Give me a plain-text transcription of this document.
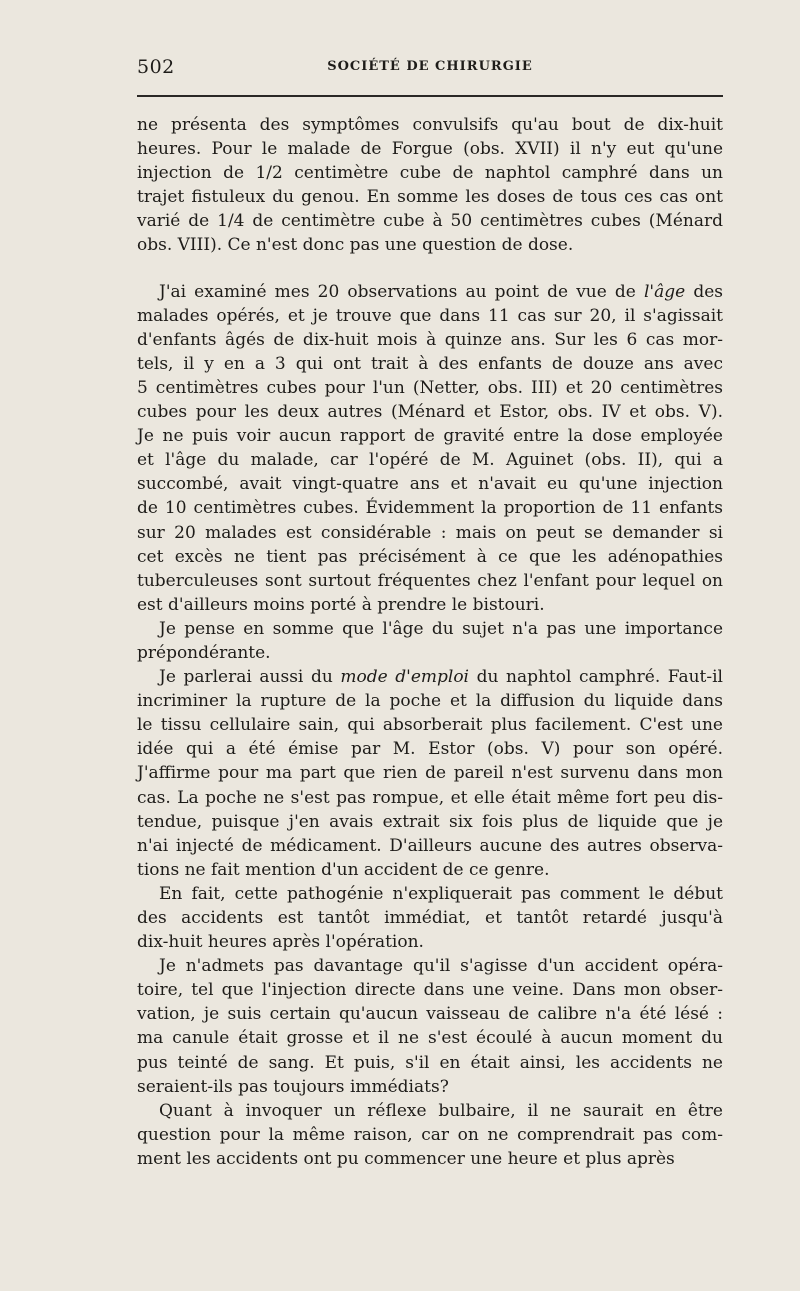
502	SOCIÉTÉ DE CHIRURGIE

ne présenta des symptômes convulsifs qu'au bout de dix-huit
heures. Pour le malade de Forgue (obs. XVII) il n'y eut qu'une
injection de 1/2 centimètre cube de naphtol camphré dans un
trajet fistuleux du genou. En somme les doses de tous ces cas ont
varié de 1/4 de centimètre cube à 50 centimètres cubes (Ménard
obs. VIII). Ce n'est donc pas une question de dose.

J'ai examiné mes 20 observations au point de vue de l'âge des
malades opérés, et je trouve que dans 11 cas sur 20, il s'agissait
d'enfants âgés de dix-huit mois à quinze ans. Sur les 6 cas mor-
tels, il y en a 3 qui ont trait à des enfants de douze ans avec
5 centimètres cubes pour l'un (Netter, obs. III) et 20 centimètres
cubes pour les deux autres (Ménard et Estor, obs. IV et obs. V).
Je ne puis voir aucun rapport de gravité entre la dose employée
et l'âge du malade, car l'opéré de M. Aguinet (obs. II), qui a
succombé, avait vingt-quatre ans et n'avait eu qu'une injection
de 10 centimètres cubes. Évidemment la proportion de 11 enfants
sur 20 malades est considérable : mais on peut se demander si
cet excès ne tient pas précisément à ce que les adénopathies
tuberculeuses sont surtout fréquentes chez l'enfant pour lequel on
est d'ailleurs moins porté à prendre le bistouri.

Je pense en somme que l'âge du sujet n'a pas une importance
prépondérante.

Je parlerai aussi du mode d'emploi du naphtol camphré. Faut-il
incriminer la rupture de la poche et la diffusion du liquide dans
le tissu cellulaire sain, qui absorberait plus facilement. C'est une
idée qui a été émise par M. Estor (obs. V) pour son opéré.
J'affirme pour ma part que rien de pareil n'est survenu dans mon
cas. La poche ne s'est pas rompue, et elle était même fort peu dis-
tendue, puisque j'en avais extrait six fois plus de liquide que je
n'ai injecté de médicament. D'ailleurs aucune des autres observa-
tions ne fait mention d'un accident de ce genre.

En fait, cette pathogénie n'expliquerait pas comment le début
des accidents est tantôt immédiat, et tantôt retardé jusqu'à
dix-huit heures après l'opération.

Je n'admets pas davantage qu'il s'agisse d'un accident opéra-
toire, tel que l'injection directe dans une veine. Dans mon obser-
vation, je suis certain qu'aucun vaisseau de calibre n'a été lésé :
ma canule était grosse et il ne s'est écoulé à aucun moment du
pus teinté de sang. Et puis, s'il en était ainsi, les accidents ne
seraient-ils pas toujours immédiats?

Quant à invoquer un réflexe bulbaire, il ne saurait en être
question pour la même raison, car on ne comprendrait pas com-
ment les accidents ont pu commencer une heure et plus après
